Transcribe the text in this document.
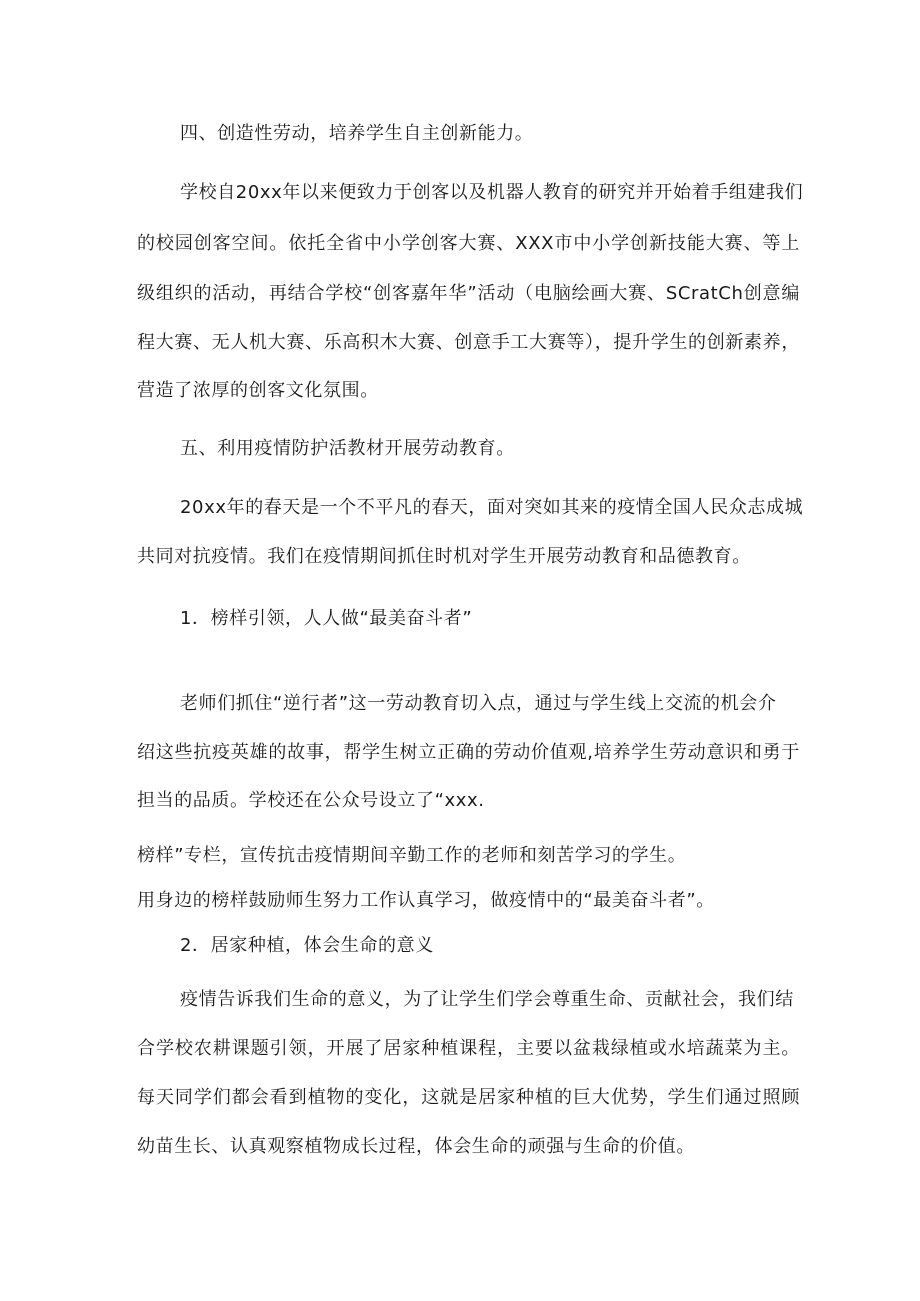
四、创造性劳动，培养学生自主创新能力。
学校自20xx年以来便致力于创客以及机器人教育的研究并开始着手组建我们
的校园创客空间。依托全省中小学创客大赛、XXX市中小学创新技能大赛、等上
级组织的活动，再结合学校“创客嘉年华”活动（电脑绘画大赛、SCratCh创意编
程大赛、无人机大赛、乐高积木大赛、创意手工大赛等），提升学生的创新素养，
营造了浓厚的创客文化氛围。
五、利用疫情防护活教材开展劳动教育。
20xx年的春天是一个不平凡的春天，面对突如其来的疫情全国人民众志成城
共同对抗疫情。我们在疫情期间抓住时机对学生开展劳动教育和品德教育。
1．榜样引领，人人做“最美奋斗者”
老师们抓住“逆行者”这一劳动教育切入点，通过与学生线上交流的机会介
绍这些抗疫英雄的故事，帮学生树立正确的劳动价值观,培养学生劳动意识和勇于
担当的品质。学校还在公众号设立了“xxx.
榜样”专栏，宣传抗击疫情期间辛勤工作的老师和刻苦学习的学生。
用身边的榜样鼓励师生努力工作认真学习，做疫情中的“最美奋斗者”。
2．居家种植，体会生命的意义
疫情告诉我们生命的意义，为了让学生们学会尊重生命、贡献社会，我们结
合学校农耕课题引领，开展了居家种植课程，主要以盆栽绿植或水培蔬菜为主。
每天同学们都会看到植物的变化，这就是居家种植的巨大优势，学生们通过照顾
幼苗生长、认真观察植物成长过程，体会生命的顽强与生命的价值。
